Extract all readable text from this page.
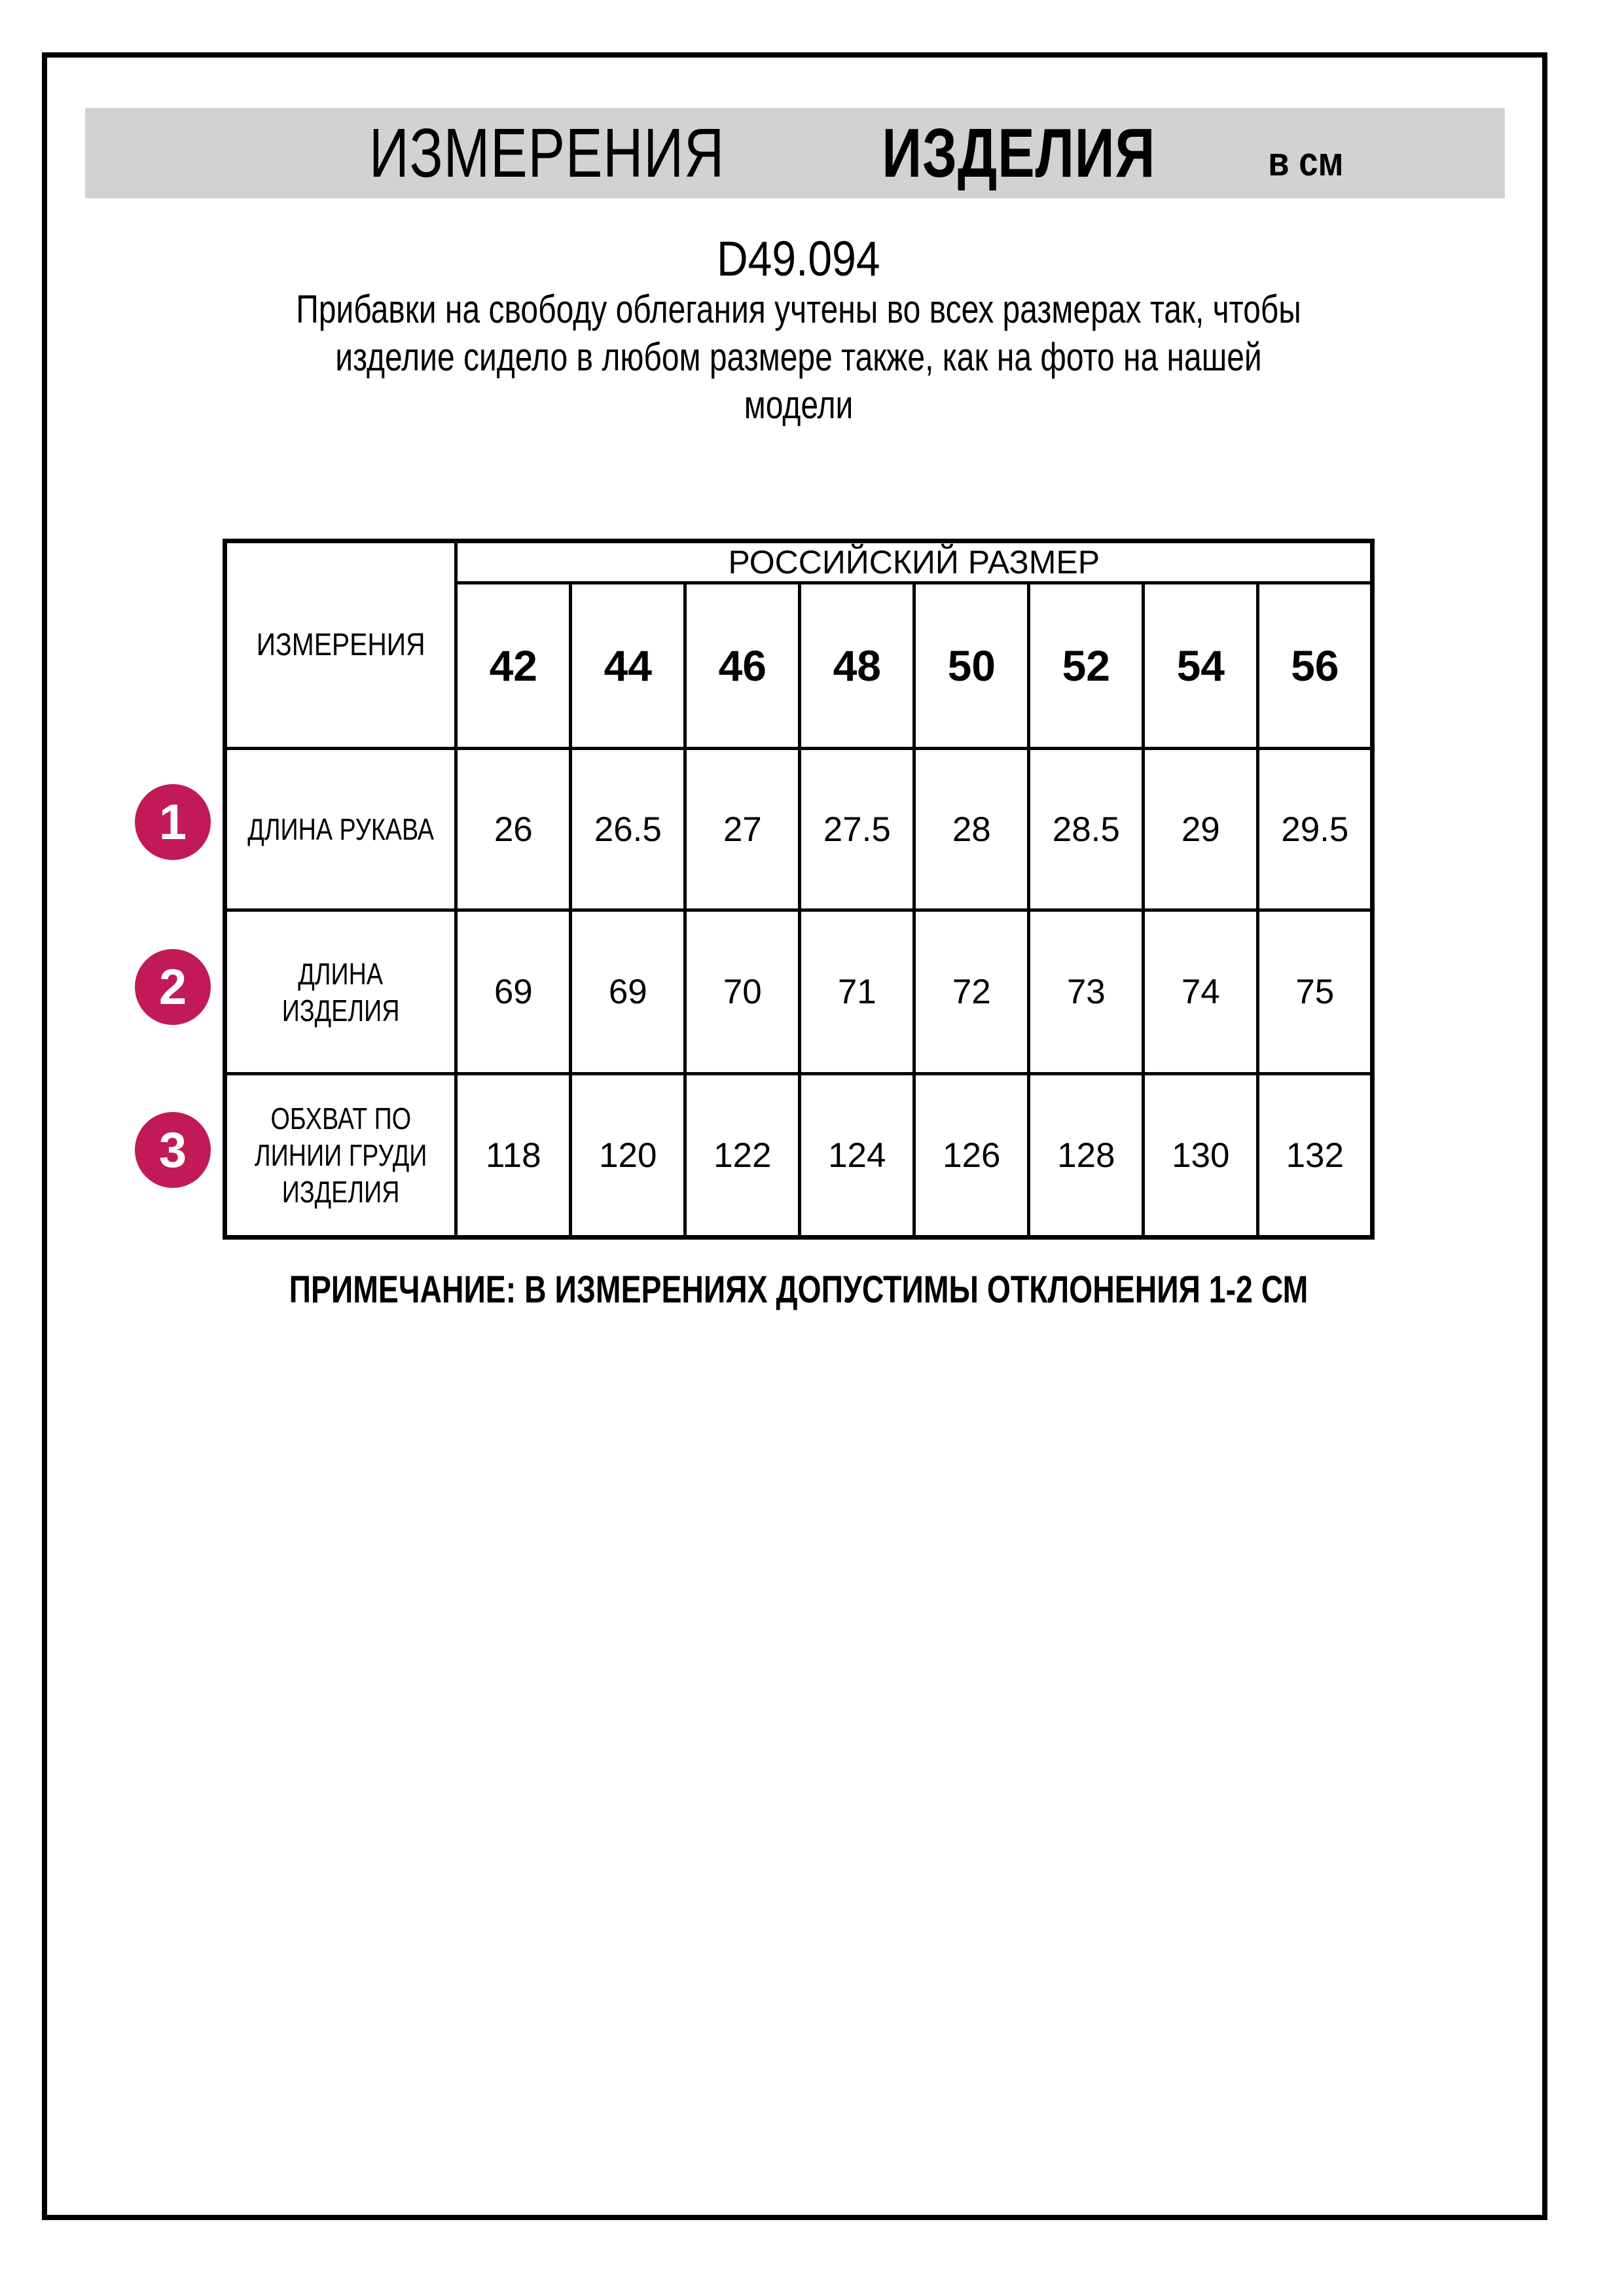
ИЗМЕРЕНИЯ ИЗДЕЛИЯ	в см
D49.094
Прибавки на свободу облегания учтены во всех размерах так, чтобы
изделие сидело в любом размере также, как на фото на нашей
модели
ИЗМЕРЕНИЯ	РОССИЙСКИЙ РАЗМЕР							
	42	44	46	48	50	52	54	56
ДЛИНА РУКАВА	26	26.5	27	27.5	28	28.5	29	29.5
ДЛИНА
ИЗДЕЛИЯ	69	69	70	71	72	73	74	75
ОБХВАТ ПО
ЛИНИИ ГРУДИ
ИЗДЕЛИЯ	118	120	122	124	126	128	130	132
1
2
3
ПРИМЕЧАНИЕ: В ИЗМЕРЕНИЯХ ДОПУСТИМЫ ОТКЛОНЕНИЯ 1-2 СМ
